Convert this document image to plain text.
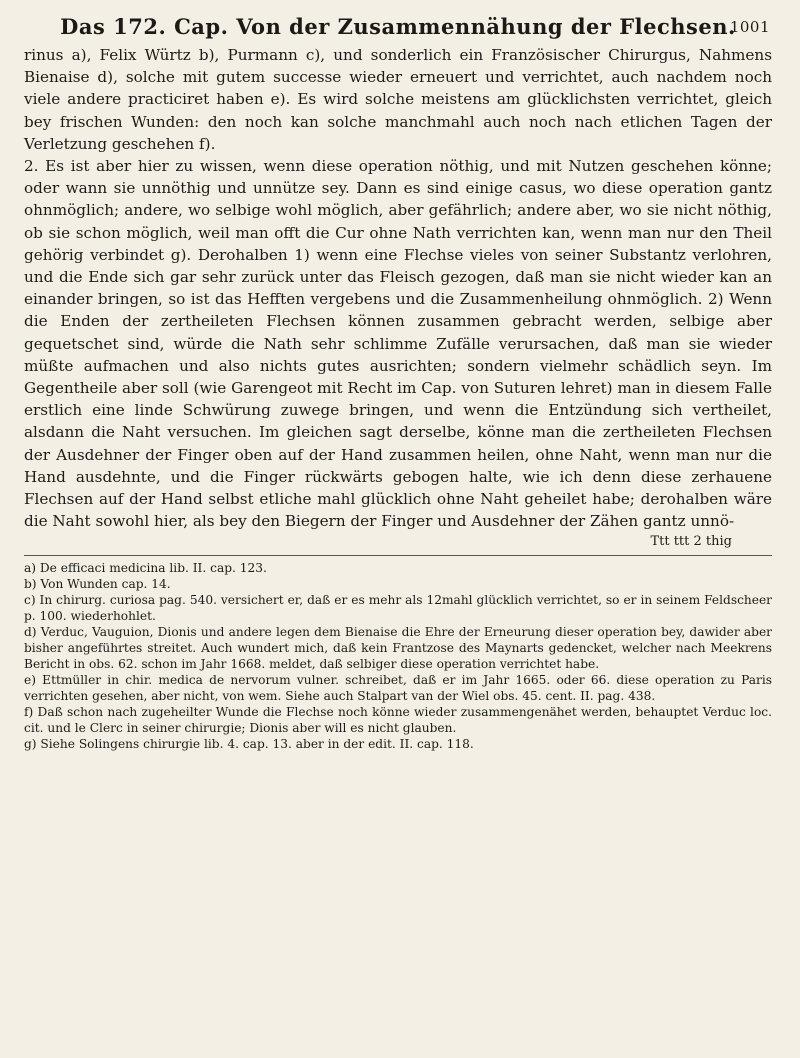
Das 172. Cap. Von der Zusammennähung der Flechsen.
1001

rinus a), Felix Würtz b), Purmann c), und sonderlich ein Französischer Chirurgus, Nahmens Bienaise d), solche mit gutem successe wieder erneuert und verrichtet, auch nachdem noch viele andere practiciret haben e). Es wird solche meistens am glücklichsten verrichtet, gleich bey frischen Wunden: den noch kan solche manchmahl auch noch nach etlichen Tagen der Verletzung geschehen f).

2. Es ist aber hier zu wissen, wenn diese operation nöthig, und mit Nutzen geschehen könne; oder wann sie unnöthig und unnütze sey. Dann es sind einige casus, wo diese operation gantz ohnmöglich; andere, wo selbige wohl möglich, aber gefährlich; andere aber, wo sie nicht nöthig, ob sie schon möglich, weil man offt die Cur ohne Nath verrichten kan, wenn man nur den Theil gehörig verbindet g). Derohalben 1) wenn eine Flechse vieles von seiner Substantz verlohren, und die Ende sich gar sehr zurück unter das Fleisch gezogen, daß man sie nicht wieder kan an einander bringen, so ist das Hefften vergebens und die Zusammenheilung ohnmöglich. 2) Wenn die Enden der zertheileten Flechsen können zusammen gebracht werden, selbige aber gequetschet sind, würde die Nath sehr schlimme Zufälle verursachen, daß man sie wieder müßte aufmachen und also nichts gutes ausrichten; sondern vielmehr schädlich seyn. Im Gegentheile aber soll (wie Garengeot mit Recht im Cap. von Suturen lehret) man in diesem Falle erstlich eine linde Schwürung zuwege bringen, und wenn die Entzündung sich vertheilet, alsdann die Naht versuchen. Im gleichen sagt derselbe, könne man die zertheileten Flechsen der Ausdehner der Finger oben auf der Hand zusammen heilen, ohne Naht, wenn man nur die Hand ausdehnte, und die Finger rückwärts gebogen halte, wie ich denn diese zerhauene Flechsen auf der Hand selbst etliche mahl glücklich ohne Naht geheilet habe; derohalben wäre die Naht sowohl hier, als bey den Biegern der Finger und Ausdehner der Zähen gantz unnö-

Ttt ttt 2 thig

a) De efficaci medicina lib. II. cap. 123.

b) Von Wunden cap. 14.

c) In chirurg. curiosa pag. 540. versichert er, daß er es mehr als 12mahl glücklich verrichtet, so er in seinem Feldscheer p. 100. wiederhohlet.

d) Verduc, Vauguion, Dionis und andere legen dem Bienaise die Ehre der Erneurung dieser operation bey, dawider aber bisher angeführtes streitet. Auch wundert mich, daß kein Frantzose des Maynarts gedencket, welcher nach Meekrens Bericht in obs. 62. schon im Jahr 1668. meldet, daß selbiger diese operation verrichtet habe.

e) Ettmüller in chir. medica de nervorum vulner. schreibet, daß er im Jahr 1665. oder 66. diese operation zu Paris verrichten gesehen, aber nicht, von wem. Siehe auch Stalpart van der Wiel obs. 45. cent. II. pag. 438.

f) Daß schon nach zugeheilter Wunde die Flechse noch könne wieder zusammengenähet werden, behauptet Verduc loc. cit. und le Clerc in seiner chirurgie; Dionis aber will es nicht glauben.

g) Siehe Solingens chirurgie lib. 4. cap. 13. aber in der edit. II. cap. 118.
